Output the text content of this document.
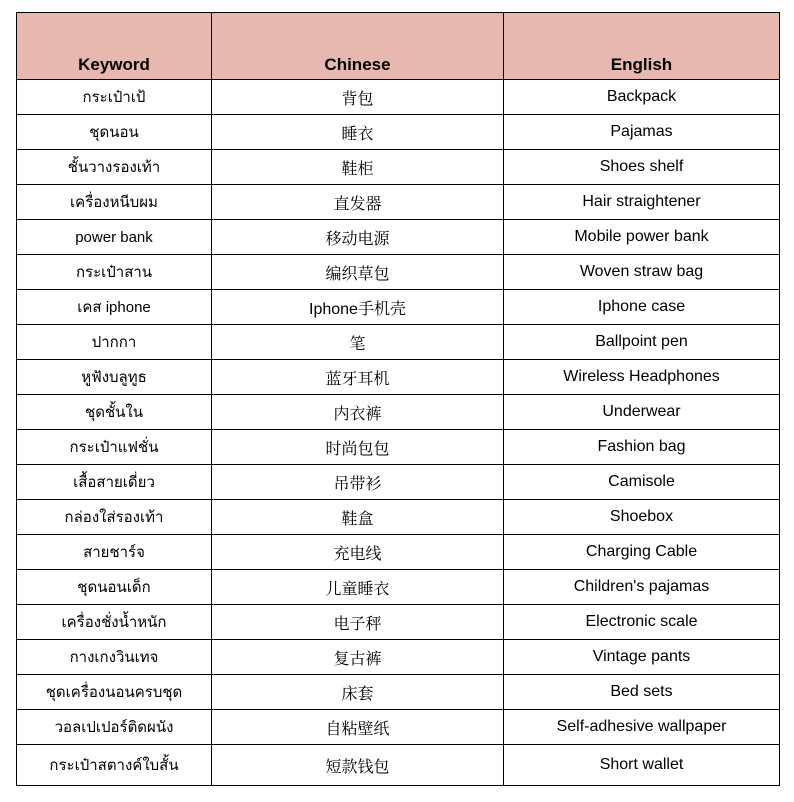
Keyword	Chinese	English
กระเป๋าเป้	背包	Backpack
ชุดนอน	睡衣	Pajamas
ชั้นวางรองเท้า	鞋柜	Shoes shelf
เครื่องหนีบผม	直发器	Hair straightener
power bank	移动电源	Mobile power bank
กระเป๋าสาน	编织草包	Woven straw bag
เคส iphone	Iphone手机壳	Iphone case
ปากกา	笔	Ballpoint pen
หูฟังบลูทูธ	蓝牙耳机	Wireless Headphones
ชุดชั้นใน	内衣裤	Underwear
กระเป๋าแฟชั่น	时尚包包	Fashion bag
เสื้อสายเดี่ยว	吊带衫	Camisole
กล่องใส่รองเท้า	鞋盒	Shoebox
สายชาร์จ	充电线	Charging Cable
ชุดนอนเด็ก	儿童睡衣	Children's pajamas
เครื่องชั่งน้ำหนัก	电子秤	Electronic scale
กางเกงวินเทจ	复古裤	Vintage pants
ชุดเครื่องนอนครบชุด	床套	Bed sets
วอลเปเปอร์ติดผนัง	自粘壁纸	Self-adhesive wallpaper
กระเป๋าสตางค์ใบสั้น	短款钱包	Short wallet
